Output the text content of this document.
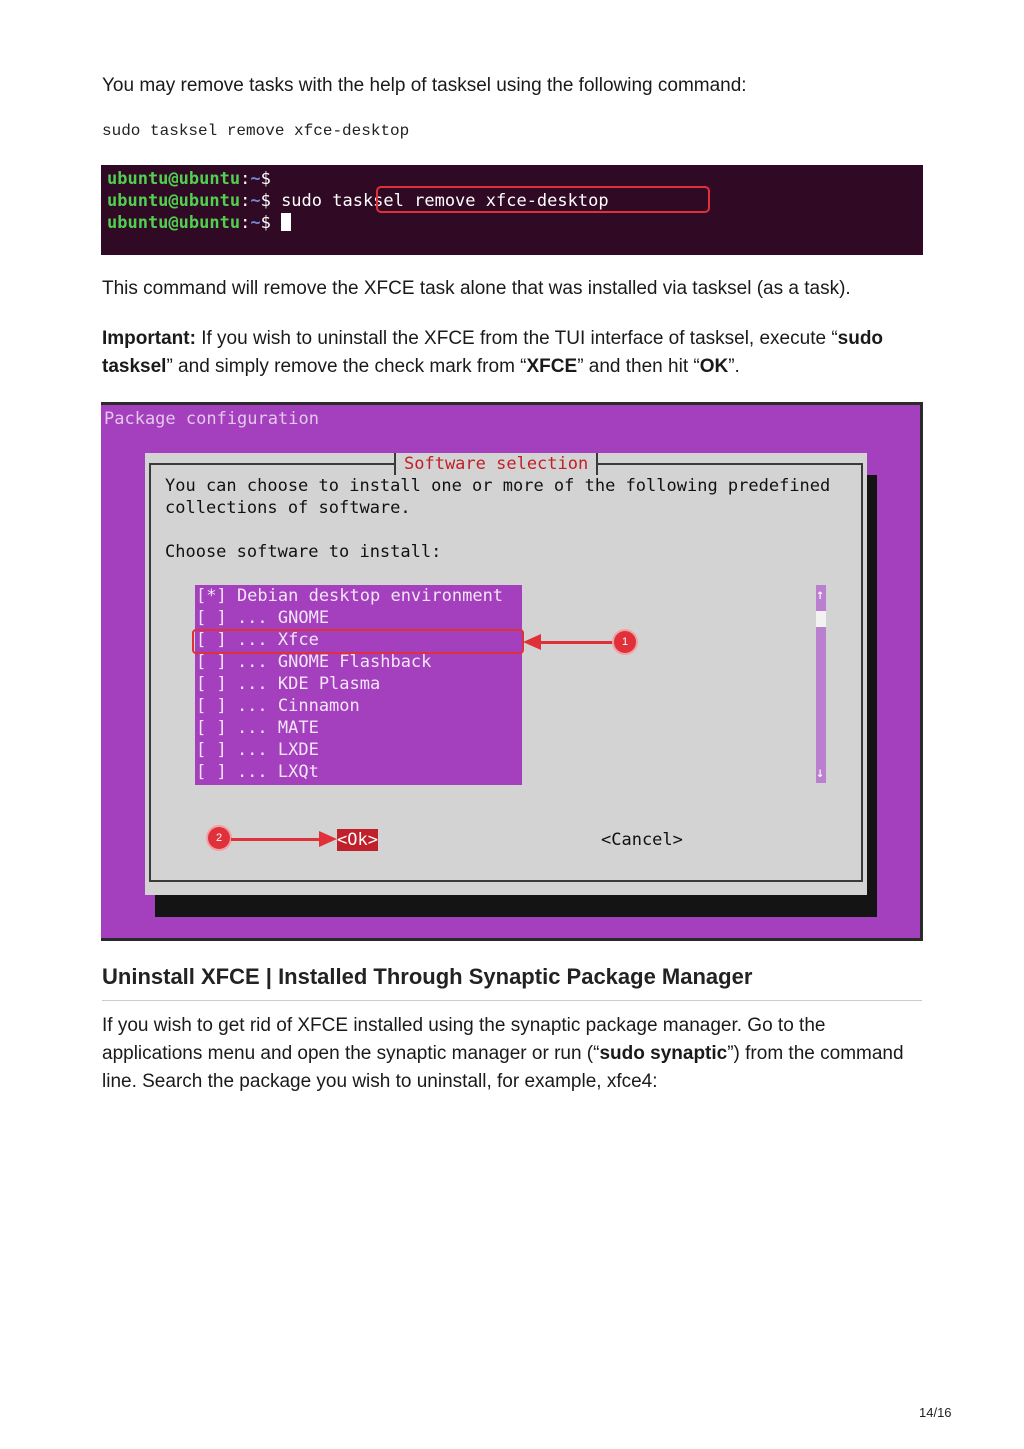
You may remove tasks with the help of tasksel using the following command:

sudo tasksel remove xfce-desktop
ubuntu@ubuntu:~$
ubuntu@ubuntu:~$ sudo tasksel remove xfce-desktop
ubuntu@ubuntu:~$

This command will remove the XFCE task alone that was installed via tasksel (as a task).

Important: If you wish to uninstall the XFCE from the TUI interface of tasksel, execute “sudo tasksel” and simply remove the check mark from “XFCE” and then hit “OK”.

Package configuration
Software selection
You can choose to install one or more of the following predefined
collections of software.
Choose software to install:
[*] Debian desktop environment
[ ] ... GNOME
[ ] ... Xfce
[ ] ... GNOME Flashback
[ ] ... KDE Plasma
[ ] ... Cinnamon
[ ] ... MATE
[ ] ... LXDE
[ ] ... LXQt
↑
↓
1
<Ok>	<Cancel>
2
Uninstall XFCE | Installed Through Synaptic Package Manager

If you wish to get rid of XFCE installed using the synaptic package manager. Go to the applications menu and open the synaptic manager or run (“sudo synaptic”) from the command line. Search the package you wish to uninstall, for example, xfce4:

14/16
